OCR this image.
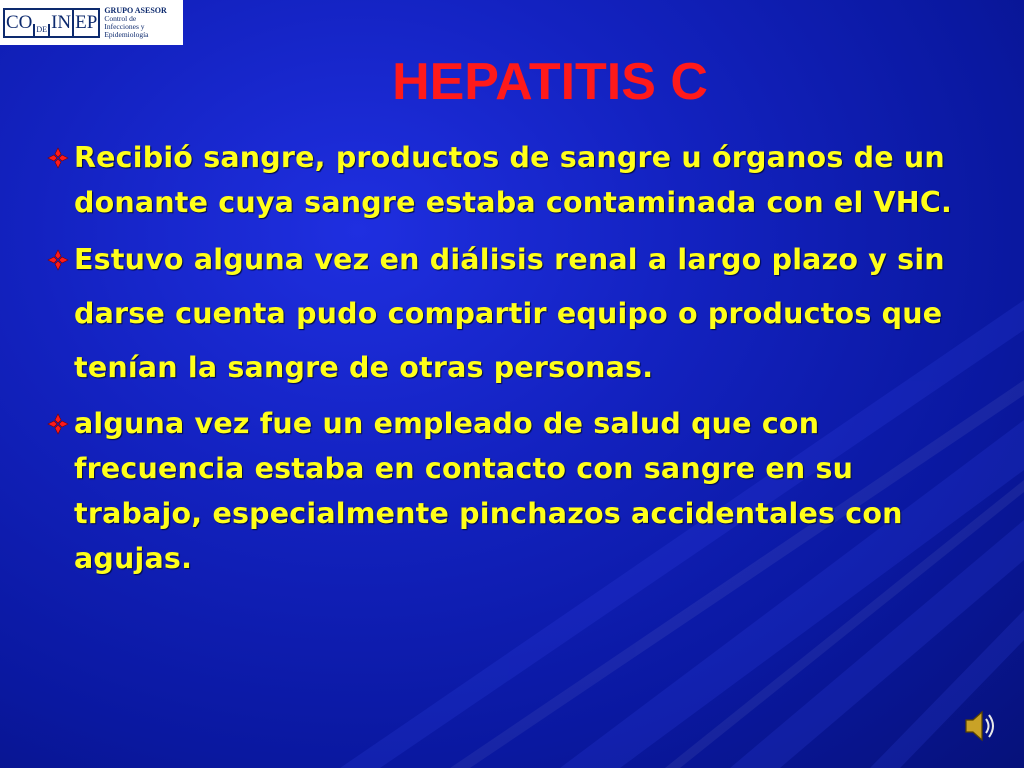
CO DE IN EP
GRUPO ASESOR
Control de
Infecciones y
Epidemiología
HEPATITIS C
Recibió sangre, productos de sangre u órganos de un donante cuya sangre estaba contaminada con el VHC.
Estuvo alguna vez en diálisis renal a largo plazo y sin darse cuenta pudo compartir equipo o productos que tenían la sangre de otras personas.
alguna vez fue un empleado de salud que con frecuencia estaba en contacto con sangre en su trabajo, especialmente pinchazos accidentales con agujas.
